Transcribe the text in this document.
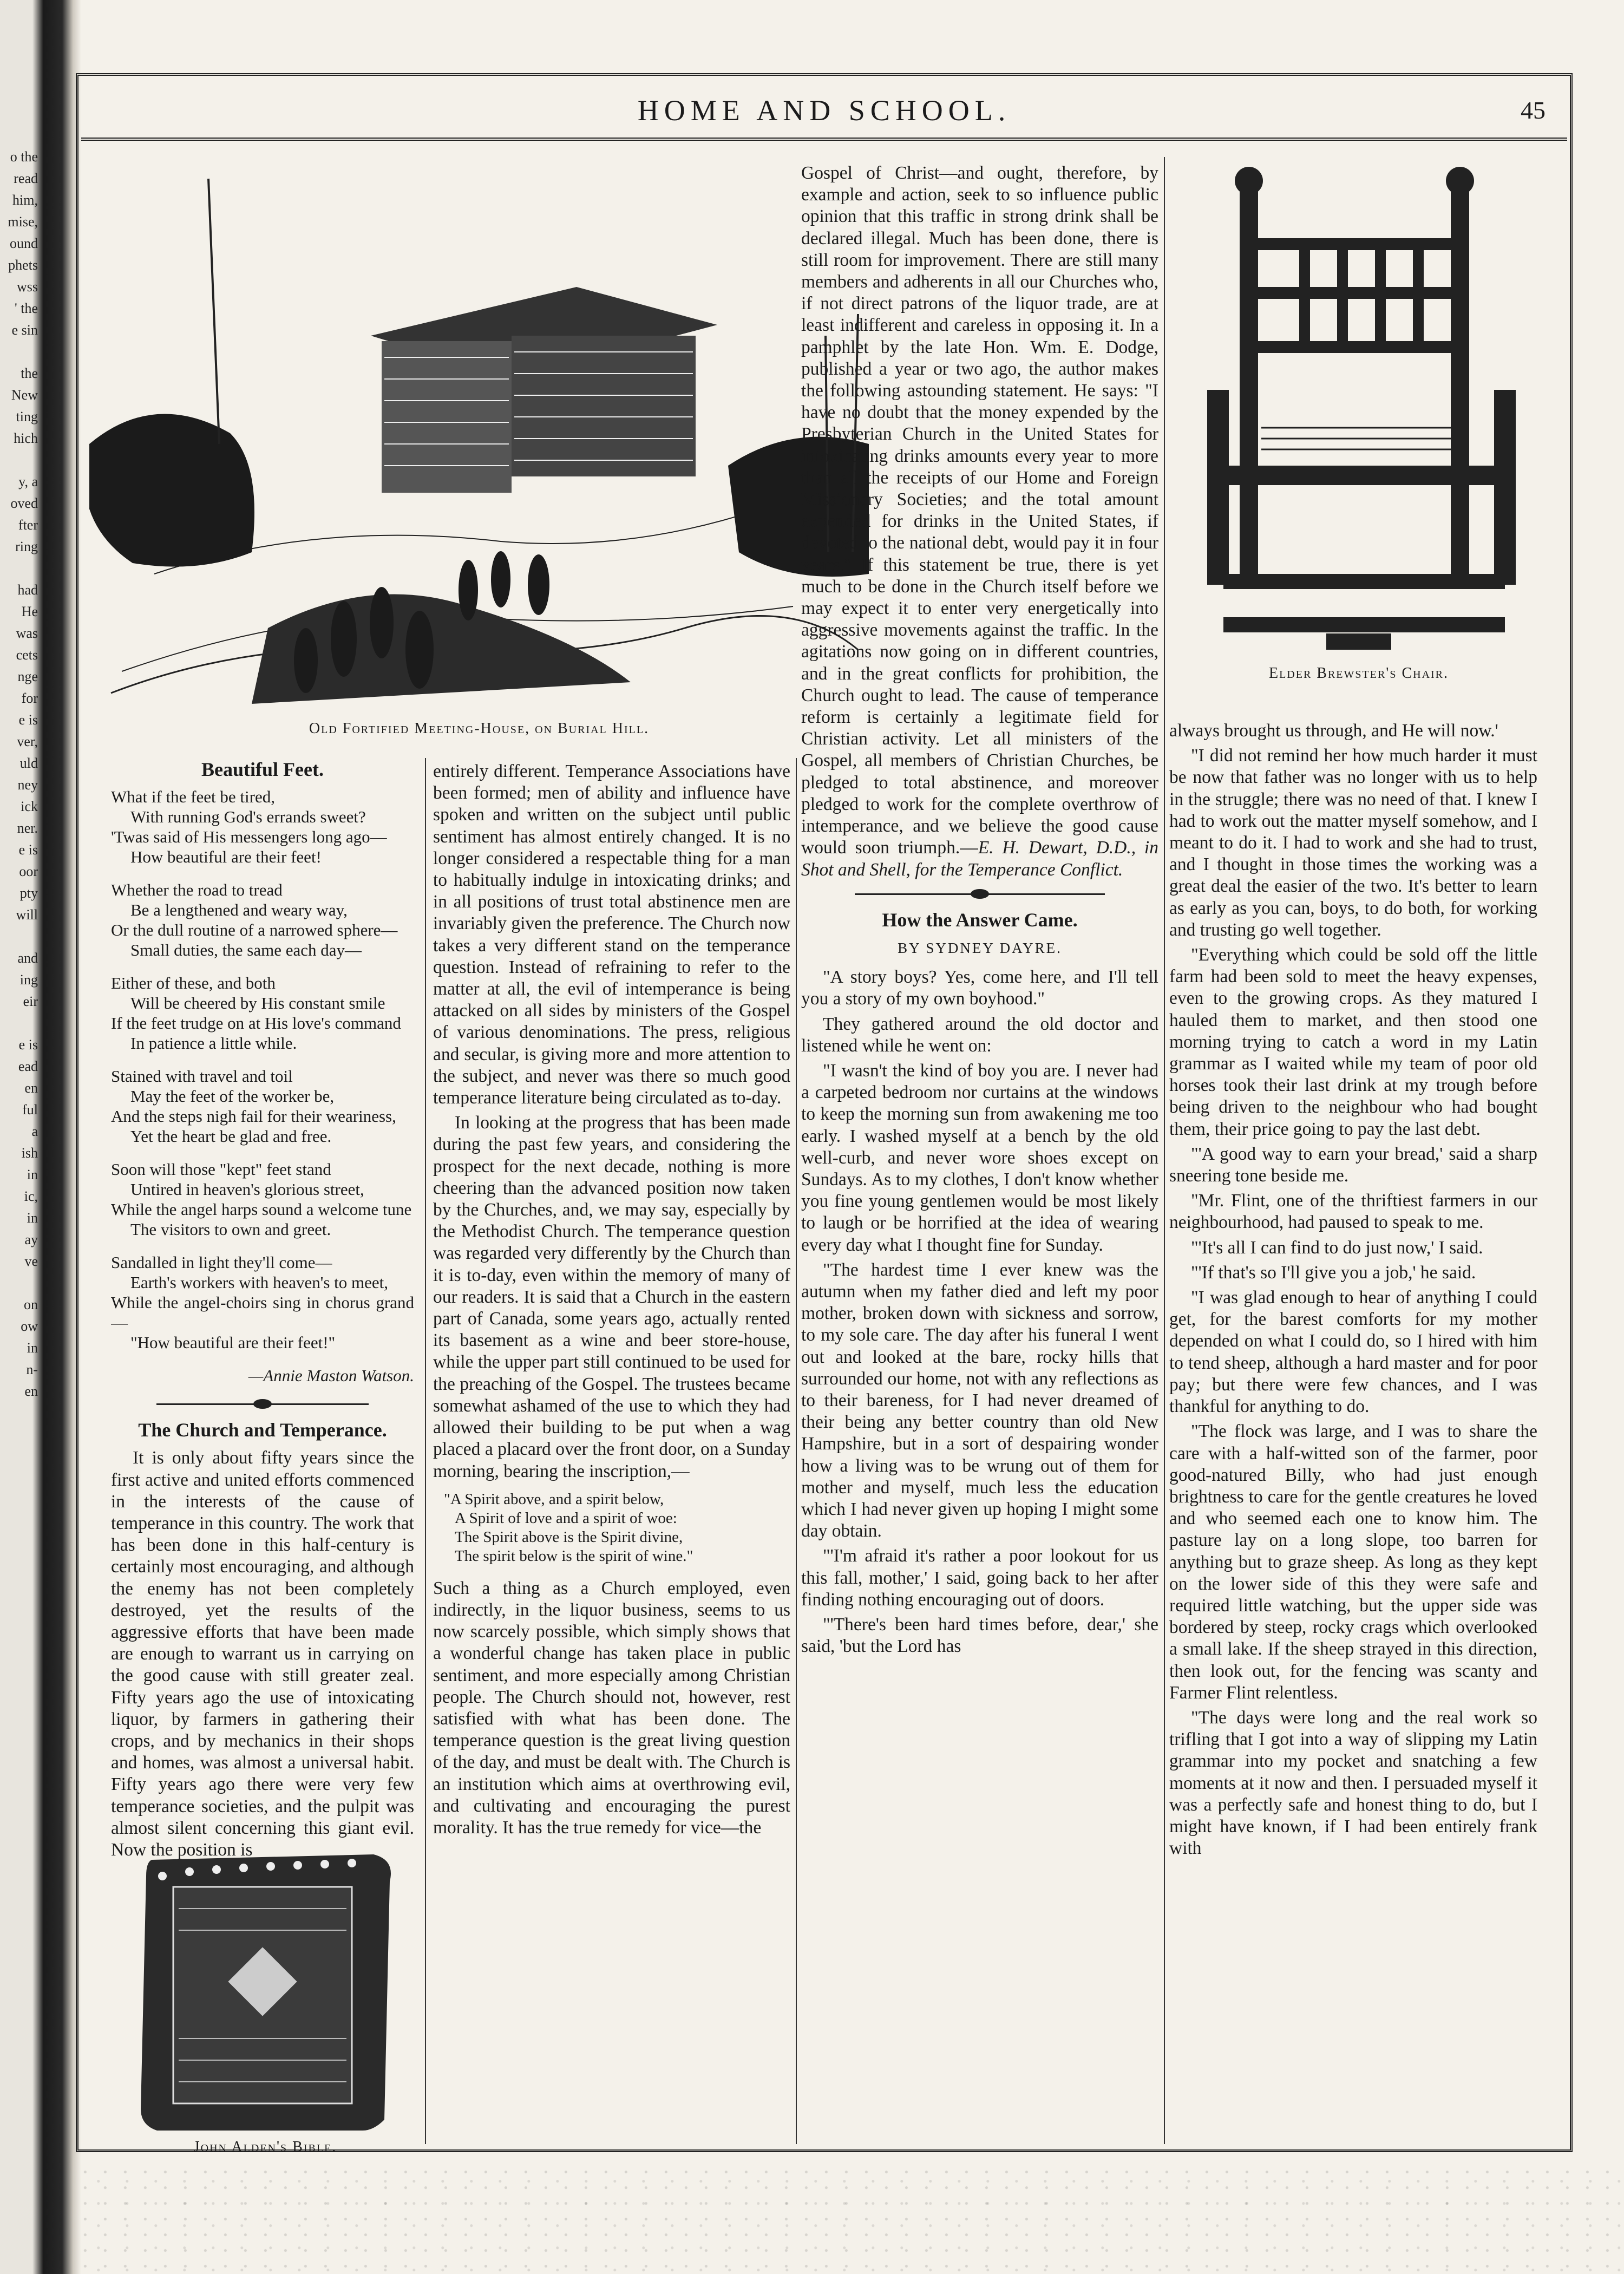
o the
read
him,
mise,
ound
phets
wss
' the
e sin

the
New
ting
hich

y, a
oved
fter
ring

had
He
was
cets
nge
for
e is
ver,
uld
ney
ick
ner.
e is
oor
pty
will

and
ing
eir

e is
ead
en
ful
a
ish
in
ic,
in
ay
ve

on
ow
in
n-
en
HOME AND SCHOOL.	45
Old Fortified Meeting-House, on Burial Hill.
Elder Brewster's Chair.
John Alden's Bible.
Beautiful Feet.
What if the feet be tired,
With running God's errands sweet?
'Twas said of His messengers long ago—
How beautiful are their feet!
Whether the road to tread
Be a lengthened and weary way,
Or the dull routine of a narrowed sphere—
Small duties, the same each day—
Either of these, and both
Will be cheered by His constant smile
If the feet trudge on at His love's command
In patience a little while.
Stained with travel and toil
May the feet of the worker be,
And the steps nigh fail for their weariness,
Yet the heart be glad and free.
Soon will those "kept" feet stand
Untired in heaven's glorious street,
While the angel harps sound a welcome tune
The visitors to own and greet.
Sandalled in light they'll come—
Earth's workers with heaven's to meet,
While the angel-choirs sing in chorus grand—
"How beautiful are their feet!"
—Annie Maston Watson.
The Church and Temperance.

It is only about fifty years since the first active and united efforts commenced in the interests of the cause of temperance in this country. The work that has been done in this half-century is certainly most encouraging, and although the enemy has not been completely destroyed, yet the results of the aggressive efforts that have been made are enough to warrant us in carrying on the good cause with still greater zeal. Fifty years ago the use of intoxicating liquor, by farmers in gathering their crops, and by mechanics in their shops and homes, was almost a universal habit. Fifty years ago there were very few temperance societies, and the pulpit was almost silent concerning this giant evil. Now the position is

entirely different. Temperance Associations have been formed; men of ability and influence have spoken and written on the subject until public sentiment has almost entirely changed. It is no longer considered a respectable thing for a man to habitually indulge in intoxicating drinks; and in all positions of trust total abstinence men are invariably given the preference. The Church now takes a very different stand on the temperance question. Instead of refraining to refer to the matter at all, the evil of intemperance is being attacked on all sides by ministers of the Gospel of various denominations. The press, religious and secular, is giving more and more attention to the subject, and never was there so much good temperance literature being circulated as to-day.

In looking at the progress that has been made during the past few years, and considering the prospect for the next decade, nothing is more cheering than the advanced position now taken by the Churches, and, we may say, especially by the Methodist Church. The temperance question was regarded very differently by the Church than it is to-day, even within the memory of many of our readers. It is said that a Church in the eastern part of Canada, some years ago, actually rented its basement as a wine and beer store-house, while the upper part still continued to be used for the preaching of the Gospel. The trustees became somewhat ashamed of the use to which they had allowed their building to be put when a wag placed a placard over the front door, on a Sunday morning, bearing the inscription,—

"A Spirit above, and a spirit below,
A Spirit of love and a spirit of woe:
The Spirit above is the Spirit divine,
The spirit below is the spirit of wine."

Such a thing as a Church employed, even indirectly, in the liquor business, seems to us now scarcely possible, which simply shows that a wonderful change has taken place in public sentiment, and more especially among Christian people. The Church should not, however, rest satisfied with what has been done. The temperance question is the great living question of the day, and must be dealt with. The Church is an institution which aims at overthrowing evil, and cultivating and encouraging the purest morality. It has the true remedy for vice—the

Gospel of Christ—and ought, therefore, by example and action, seek to so influence public opinion that this traffic in strong drink shall be declared illegal. Much has been done, there is still room for improvement. There are still many members and adherents in all our Churches who, if not direct patrons of the liquor trade, are at least indifferent and careless in opposing it. In a pamphlet by the late Hon. Wm. E. Dodge, published a year or two ago, the author makes the following astounding statement. He says: "I have no doubt that the money expended by the Presbyterian Church in the United States for intoxicating drinks amounts every year to more than all the receipts of our Home and Foreign Missionary Societies; and the total amount expended for drinks in the United States, if devoted to the national debt, would pay it in four years." If this statement be true, there is yet much to be done in the Church itself before we may expect it to enter very energetically into aggressive movements against the traffic. In the agitations now going on in different countries, and in the great conflicts for prohibition, the Church ought to lead. The cause of temperance reform is certainly a legitimate field for Christian activity. Let all ministers of the Gospel, all members of Christian Churches, be pledged to total abstinence, and moreover pledged to work for the complete overthrow of intemperance, and we believe the good cause would soon triumph.—E. H. Dewart, D.D., in Shot and Shell, for the Temperance Conflict.

How the Answer Came.
BY SYDNEY DAYRE.

"A story boys? Yes, come here, and I'll tell you a story of my own boyhood."

They gathered around the old doctor and listened while he went on:

"I wasn't the kind of boy you are. I never had a carpeted bedroom nor curtains at the windows to keep the morning sun from awakening me too early. I washed myself at a bench by the old well-curb, and never wore shoes except on Sundays. As to my clothes, I don't know whether you fine young gentlemen would be most likely to laugh or be horrified at the idea of wearing every day what I thought fine for Sunday.

"The hardest time I ever knew was the autumn when my father died and left my poor mother, broken down with sickness and sorrow, to my sole care. The day after his funeral I went out and looked at the bare, rocky hills that surrounded our home, not with any reflections as to their bareness, for I had never dreamed of their being any better country than old New Hampshire, but in a sort of despairing wonder how a living was to be wrung out of them for mother and myself, much less the education which I had never given up hoping I might some day obtain.

"'I'm afraid it's rather a poor lookout for us this fall, mother,' I said, going back to her after finding nothing encouraging out of doors.

"'There's been hard times before, dear,' she said, 'but the Lord has

always brought us through, and He will now.'

"I did not remind her how much harder it must be now that father was no longer with us to help in the struggle; there was no need of that. I knew I had to work out the matter myself somehow, and I meant to do it. I had to work and she had to trust, and I thought in those times the working was a great deal the easier of the two. It's better to learn as early as you can, boys, to do both, for working and trusting go well together.

"Everything which could be sold off the little farm had been sold to meet the heavy expenses, even to the growing crops. As they matured I hauled them to market, and then stood one morning trying to catch a word in my Latin grammar as I waited while my team of poor old horses took their last drink at my trough before being driven to the neighbour who had bought them, their price going to pay the last debt.

"'A good way to earn your bread,' said a sharp sneering tone beside me.

"Mr. Flint, one of the thriftiest farmers in our neighbourhood, had paused to speak to me.

"'It's all I can find to do just now,' I said.

"'If that's so I'll give you a job,' he said.

"I was glad enough to hear of anything I could get, for the barest comforts for my mother depended on what I could do, so I hired with him to tend sheep, although a hard master and for poor pay; but there were few chances, and I was thankful for anything to do.

"The flock was large, and I was to share the care with a half-witted son of the farmer, poor good-natured Billy, who had just enough brightness to care for the gentle creatures he loved and who seemed each one to know him. The pasture lay on a long slope, too barren for anything but to graze sheep. As long as they kept on the lower side of this they were safe and required little watching, but the upper side was bordered by steep, rocky crags which overlooked a small lake. If the sheep strayed in this direction, then look out, for the fencing was scanty and Farmer Flint relentless.

"The days were long and the real work so trifling that I got into a way of slipping my Latin grammar into my pocket and snatching a few moments at it now and then. I persuaded myself it was a perfectly safe and honest thing to do, but I might have known, if I had been entirely frank with
